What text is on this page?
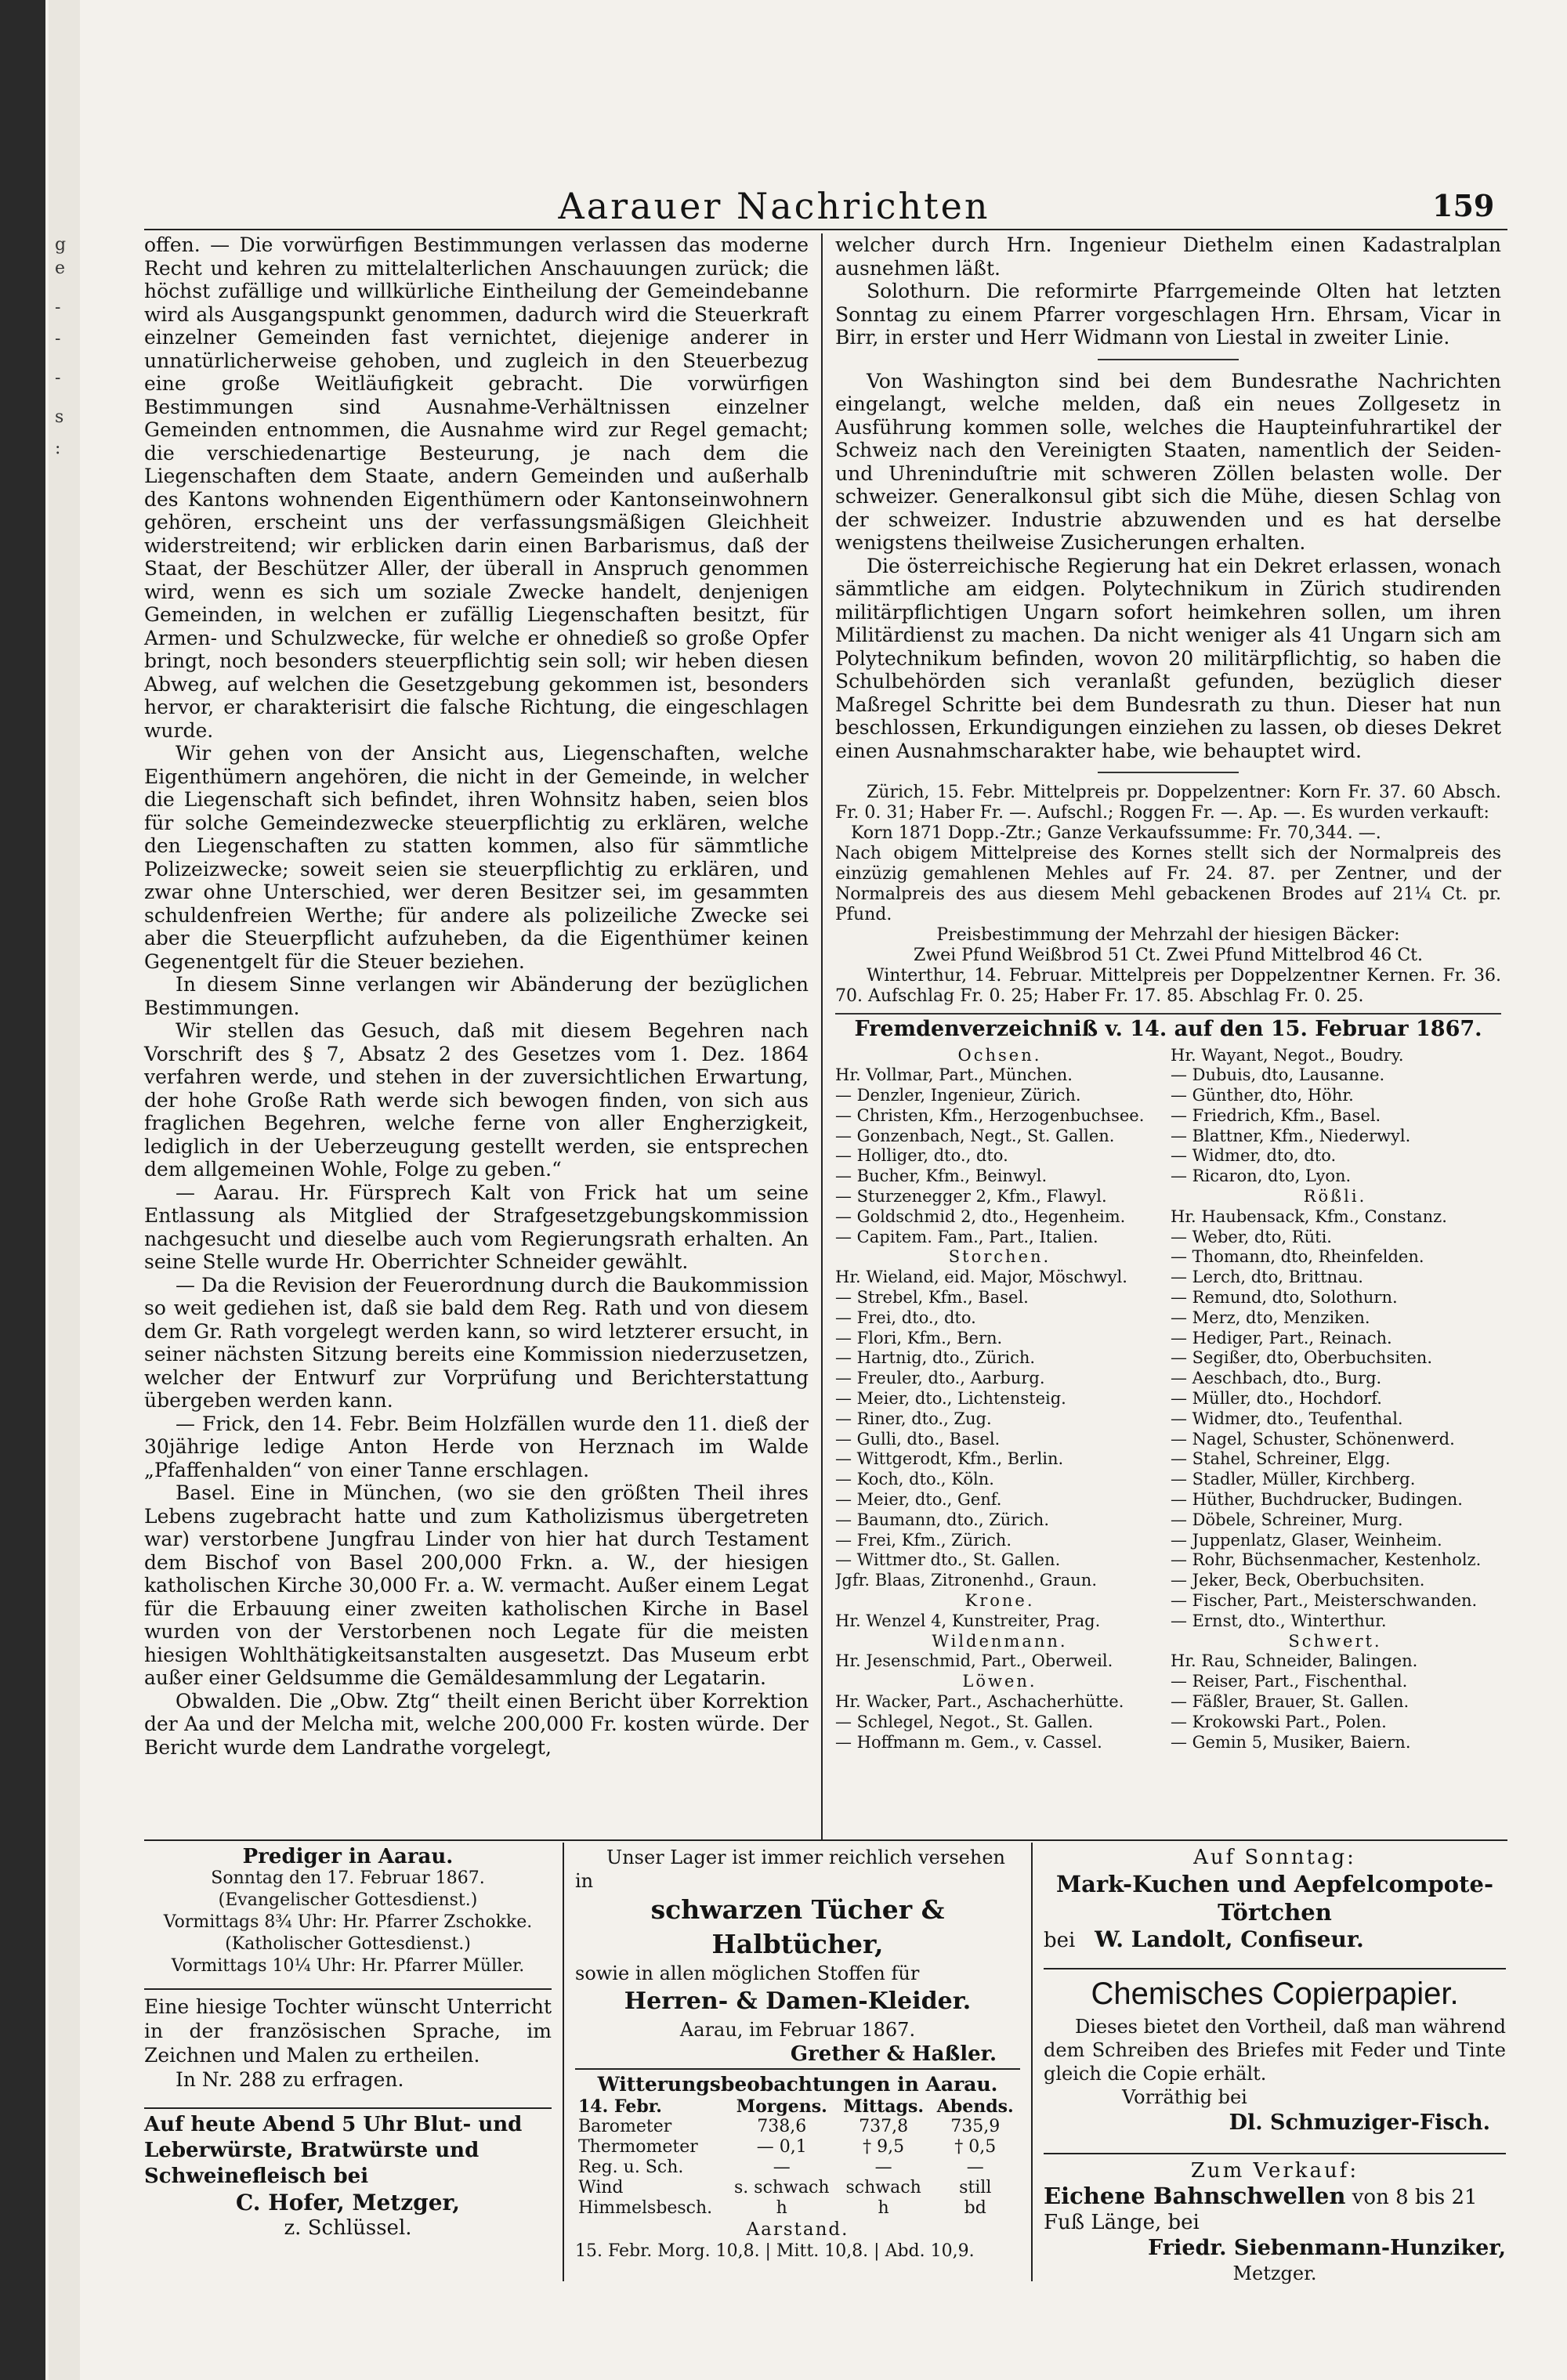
g
e
-
-
-
s
:
Aarauer Nachrichten	159

offen. — Die vorwürfigen Bestimmungen verlassen das moderne Recht und kehren zu mittelalterlichen Anschauungen zurück; die höchst zufällige und willkürliche Eintheilung der Gemeindebanne wird als Ausgangspunkt genommen, dadurch wird die Steuerkraft einzelner Gemeinden fast vernichtet, diejenige anderer in unnatürlicherweise gehoben, und zugleich in den Steuerbezug eine große Weitläufigkeit gebracht. Die vorwürfigen Bestimmungen sind Ausnahme-Verhältnissen einzelner Gemeinden entnommen, die Ausnahme wird zur Regel gemacht; die verschiedenartige Besteurung, je nach dem die Liegenschaften dem Staate, andern Gemeinden und außerhalb des Kantons wohnenden Eigenthümern oder Kantonseinwohnern gehören, erscheint uns der verfassungsmäßigen Gleichheit widerstreitend; wir erblicken darin einen Barbarismus, daß der Staat, der Beschützer Aller, der überall in Anspruch genommen wird, wenn es sich um soziale Zwecke handelt, denjenigen Gemeinden, in welchen er zufällig Liegenschaften besitzt, für Armen- und Schulzwecke, für welche er ohnedieß so große Opfer bringt, noch besonders steuerpflichtig sein soll; wir heben diesen Abweg, auf welchen die Gesetzgebung gekommen ist, besonders hervor, er charakterisirt die falsche Richtung, die eingeschlagen wurde.

Wir gehen von der Ansicht aus, Liegenschaften, welche Eigenthümern angehören, die nicht in der Gemeinde, in welcher die Liegenschaft sich befindet, ihren Wohnsitz haben, seien blos für solche Gemeindezwecke steuerpflichtig zu erklären, welche den Liegenschaften zu statten kommen, also für sämmtliche Polizeizwecke; soweit seien sie steuerpflichtig zu erklären, und zwar ohne Unterschied, wer deren Besitzer sei, im gesammten schuldenfreien Werthe; für andere als polizeiliche Zwecke sei aber die Steuerpflicht aufzuheben, da die Eigenthümer keinen Gegenentgelt für die Steuer beziehen.

In diesem Sinne verlangen wir Abänderung der bezüglichen Bestimmungen.

Wir stellen das Gesuch, daß mit diesem Begehren nach Vorschrift des § 7, Absatz 2 des Gesetzes vom 1. Dez. 1864 verfahren werde, und stehen in der zuversichtlichen Erwartung, der hohe Große Rath werde sich bewogen finden, von sich aus fraglichen Begehren, welche ferne von aller Engherzigkeit, lediglich in der Ueberzeugung gestellt werden, sie entsprechen dem allgemeinen Wohle, Folge zu geben.“

— Aarau. Hr. Fürsprech Kalt von Frick hat um seine Entlassung als Mitglied der Strafgesetzgebungskommission nachgesucht und dieselbe auch vom Regierungsrath erhalten. An seine Stelle wurde Hr. Oberrichter Schneider gewählt.

— Da die Revision der Feuerordnung durch die Baukommission so weit gediehen ist, daß sie bald dem Reg. Rath und von diesem dem Gr. Rath vorgelegt werden kann, so wird letzterer ersucht, in seiner nächsten Sitzung bereits eine Kommission niederzusetzen, welcher der Entwurf zur Vorprüfung und Berichterstattung übergeben werden kann.

— Frick, den 14. Febr. Beim Holzfällen wurde den 11. dieß der 30jährige ledige Anton Herde von Herznach im Walde „Pfaffenhalden“ von einer Tanne erschlagen.

Basel. Eine in München, (wo sie den größten Theil ihres Lebens zugebracht hatte und zum Katholizismus übergetreten war) verstorbene Jungfrau Linder von hier hat durch Testament dem Bischof von Basel 200,000 Frkn. a. W., der hiesigen katholischen Kirche 30,000 Fr. a. W. vermacht. Außer einem Legat für die Erbauung einer zweiten katholischen Kirche in Basel wurden von der Verstorbenen noch Legate für die meisten hiesigen Wohlthätigkeitsanstalten ausgesetzt. Das Museum erbt außer einer Geldsumme die Gemäldesammlung der Legatarin.

Obwalden. Die „Obw. Ztg“ theilt einen Bericht über Korrektion der Aa und der Melcha mit, welche 200,000 Fr. kosten würde. Der Bericht wurde dem Landrathe vorgelegt,

welcher durch Hrn. Ingenieur Diethelm einen Kadastralplan ausnehmen läßt.

Solothurn. Die reformirte Pfarrgemeinde Olten hat letzten Sonntag zu einem Pfarrer vorgeschlagen Hrn. Ehrsam, Vicar in Birr, in erster und Herr Widmann von Liestal in zweiter Linie.

Von Washington sind bei dem Bundesrathe Nachrichten eingelangt, welche melden, daß ein neues Zollgesetz in Ausführung kommen solle, welches die Haupteinfuhrartikel der Schweiz nach den Vereinigten Staaten, namentlich der Seiden- und Uhreninduſtrie mit schweren Zöllen belasten wolle. Der schweizer. Generalkonsul gibt sich die Mühe, diesen Schlag von der schweizer. Industrie abzuwenden und es hat derselbe wenigstens theilweise Zusicherungen erhalten.

Die österreichische Regierung hat ein Dekret erlassen, wonach sämmtliche am eidgen. Polytechnikum in Zürich studirenden militärpflichtigen Ungarn sofort heimkehren sollen, um ihren Militärdienst zu machen. Da nicht weniger als 41 Ungarn sich am Polytechnikum befinden, wovon 20 militärpflichtig, so haben die Schulbehörden sich veranlaßt gefunden, bezüglich dieser Maßregel Schritte bei dem Bundesrath zu thun. Dieser hat nun beschlossen, Erkundigungen einziehen zu lassen, ob dieses Dekret einen Ausnahmscharakter habe, wie behauptet wird.

Zürich, 15. Febr. Mittelpreis pr. Doppelzentner: Korn Fr. 37. 60 Absch. Fr. 0. 31; Haber Fr. —. Aufschl.; Roggen Fr. —. Ap. —. Es wurden verkauft:

Korn 1871 Dopp.-Ztr.; Ganze Verkaufssumme: Fr. 70,344. —.

Nach obigem Mittelpreise des Kornes stellt sich der Normalpreis des einzüzig gemahlenen Mehles auf Fr. 24. 87. per Zentner, und der Normalpreis des aus diesem Mehl gebackenen Brodes auf 21¼ Ct. pr. Pfund.

Preisbestimmung der Mehrzahl der hiesigen Bäcker:

Zwei Pfund Weißbrod 51 Ct. Zwei Pfund Mittelbrod 46 Ct.

Winterthur, 14. Februar. Mittelpreis per Doppelzentner Kernen. Fr. 36. 70. Aufschlag Fr. 0. 25; Haber Fr. 17. 85. Abschlag Fr. 0. 25.

Fremdenverzeichniß v. 14. auf den 15. Februar 1867.
Ochsen.
Hr. Vollmar, Part., München.
— Denzler, Ingenieur, Zürich.
— Christen, Kfm., Herzogenbuchsee.
— Gonzenbach, Negt., St. Gallen.
— Holliger, dto., dto.
— Bucher, Kfm., Beinwyl.
— Sturzenegger 2, Kfm., Flawyl.
— Goldschmid 2, dto., Hegenheim.
— Capitem. Fam., Part., Italien.
Storchen.
Hr. Wieland, eid. Major, Möschwyl.
— Strebel, Kfm., Basel.
— Frei, dto., dto.
— Flori, Kfm., Bern.
— Hartnig, dto., Zürich.
— Freuler, dto., Aarburg.
— Meier, dto., Lichtensteig.
— Riner, dto., Zug.
— Gulli, dto., Basel.
— Wittgerodt, Kfm., Berlin.
— Koch, dto., Köln.
— Meier, dto., Genf.
— Baumann, dto., Zürich.
— Frei, Kfm., Zürich.
— Wittmer dto., St. Gallen.
Jgfr. Blaas, Zitronenhd., Graun.
Krone.
Hr. Wenzel 4, Kunstreiter, Prag.
Wildenmann.
Hr. Jesenschmid, Part., Oberweil.
Löwen.
Hr. Wacker, Part., Aschacherhütte.
— Schlegel, Negot., St. Gallen.
— Hoffmann m. Gem., v. Cassel.
Hr. Wayant, Negot., Boudry.
— Dubuis, dto, Lausanne.
— Günther, dto, Höhr.
— Friedrich, Kfm., Basel.
— Blattner, Kfm., Niederwyl.
— Widmer, dto, dto.
— Ricaron, dto, Lyon.
Rößli.
Hr. Haubensack, Kfm., Constanz.
— Weber, dto, Rüti.
— Thomann, dto, Rheinfelden.
— Lerch, dto, Brittnau.
— Remund, dto, Solothurn.
— Merz, dto, Menziken.
— Hediger, Part., Reinach.
— Segißer, dto, Oberbuchsiten.
— Aeschbach, dto., Burg.
— Müller, dto., Hochdorf.
— Widmer, dto., Teufenthal.
— Nagel, Schuster, Schönenwerd.
— Stahel, Schreiner, Elgg.
— Stadler, Müller, Kirchberg.
— Hüther, Buchdrucker, Budingen.
— Döbele, Schreiner, Murg.
— Juppenlatz, Glaser, Weinheim.
— Rohr, Büchsenmacher, Kestenholz.
— Jeker, Beck, Oberbuchsiten.
— Fischer, Part., Meisterschwanden.
— Ernst, dto., Winterthur.
Schwert.
Hr. Rau, Schneider, Balingen.
— Reiser, Part., Fischenthal.
— Fäßler, Brauer, St. Gallen.
— Krokowski Part., Polen.
— Gemin 5, Musiker, Baiern.
Prediger in Aarau.
Sonntag den 17. Februar 1867.
(Evangelischer Gottesdienst.)
Vormittags 8¾ Uhr: Hr. Pfarrer Zschokke.
(Katholischer Gottesdienst.)
Vormittags 10¼ Uhr: Hr. Pfarrer Müller.
Eine hiesige Tochter wünscht Unterricht in der französischen Sprache, im Zeichnen und Malen zu ertheilen.
In Nr. 288 zu erfragen.
Auf heute Abend 5 Uhr Blut- und Leberwürste, Bratwürste und Schweinefleisch bei
C. Hofer, Metzger,
z. Schlüssel.
Unser Lager ist immer reichlich versehen in
schwarzen Tücher & Halbtücher,
sowie in allen möglichen Stoffen für
Herren- & Damen-Kleider.
Aarau, im Februar 1867.
Grether & Haßler.
Witterungsbeobachtungen in Aarau.
14. Febr.	Morgens.	Mittags.	Abends.
Barometer	738,6	737,8	735,9
Thermometer	— 0,1	† 9,5	† 0,5
Reg. u. Sch.	—	—	—
Wind	s. schwach	schwach	still
Himmelsbesch.	h	h	bd
Aarstand.
15. Febr. Morg. 10,8. | Mitt. 10,8. | Abd. 10,9.
Auf Sonntag:
Mark-Kuchen und Aepfelcompote-Törtchen
bei W. Landolt, Confiseur.
Chemisches Copierpapier.
Dieses bietet den Vortheil, daß man während dem Schreiben des Briefes mit Feder und Tinte gleich die Copie erhält.
Vorräthig bei
Dl. Schmuziger-Fisch.
Zum Verkauf:
Eichene Bahnschwellen von 8 bis 21 Fuß Länge, bei
Friedr. Siebenmann-Hunziker,
Metzger.
